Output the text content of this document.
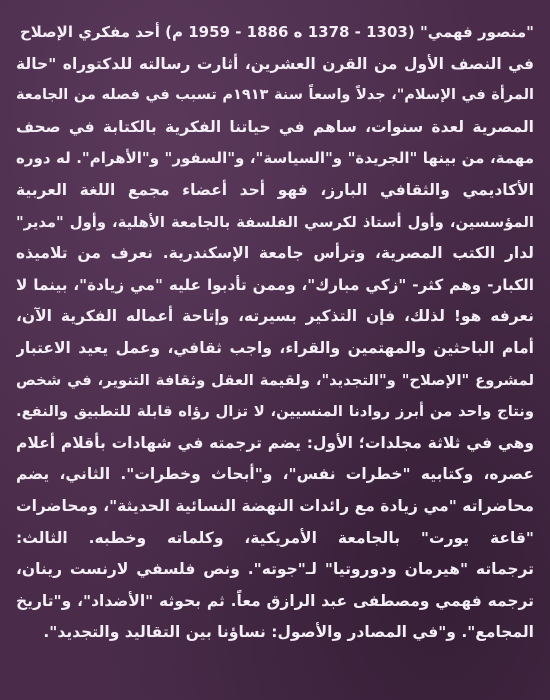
"منصور فهمي" (1303 - 1378 ه 1886 - 1959 م) أحد مفكري الإصلاح
في النصف الأول من القرن العشرين، أثارت رسالته للدكتوراه "حالة
المرأة في الإسلام"، جدلاً واسعاً سنة ١٩١٣م تسبب في فصله من الجامعة
المصرية لعدة سنوات، ساهم في حياتنا الفكرية بالكتابة في صحف
مهمة، من بينها "الجريدة" و"السياسة"، و"السفور" و"الأهرام". له دوره
الأكاديمي والثقافي البارز، فهو أحد أعضاء مجمع اللغة العربية
المؤسسين، وأول أستاذ لكرسي الفلسفة بالجامعة الأهلية، وأول "مدير"
لدار الكتب المصرية، وترأس جامعة الإسكندرية. نعرف من تلاميذه
الكبار- وهم كثر- "زكي مبارك"، وممن تأدبوا عليه "مي زيادة"، بينما لا
نعرفه هو! لذلك، فإن التذكير بسيرته، وإتاحة أعماله الفكرية الآن،
أمام الباحثين والمهتمين والقراء، واجب ثقافي، وعمل يعيد الاعتبار
لمشروع "الإصلاح" و"التجديد"، ولقيمة العقل وثقافة التنوير، في شخص
ونتاج واحد من أبرز روادنا المنسيين، لا تزال رؤاه قابلة للتطبيق والنفع.
وهي في ثلاثة مجلدات؛ الأول: يضم ترجمته في شهادات بأقلام أعلام
عصره، وكتابيه "خطرات نفس"، و"أبحاث وخطرات". الثاني، يضم
محاضراته "مي زيادة مع رائدات النهضة النسائية الحديثة"، ومحاضرات
"قاعة يورت" بالجامعة الأمريكية، وكلماته وخطبه. الثالث:
ترجماته "هيرمان ودوروتيا" لـ"جوته". ونص فلسفي لارنست رينان،
ترجمه فهمي ومصطفى عبد الرازق معاً. ثم بحوثه "الأضداد"، و"تاريخ
المجامع". و"في المصادر والأصول: نساؤنا بين التقاليد والتجديد".
